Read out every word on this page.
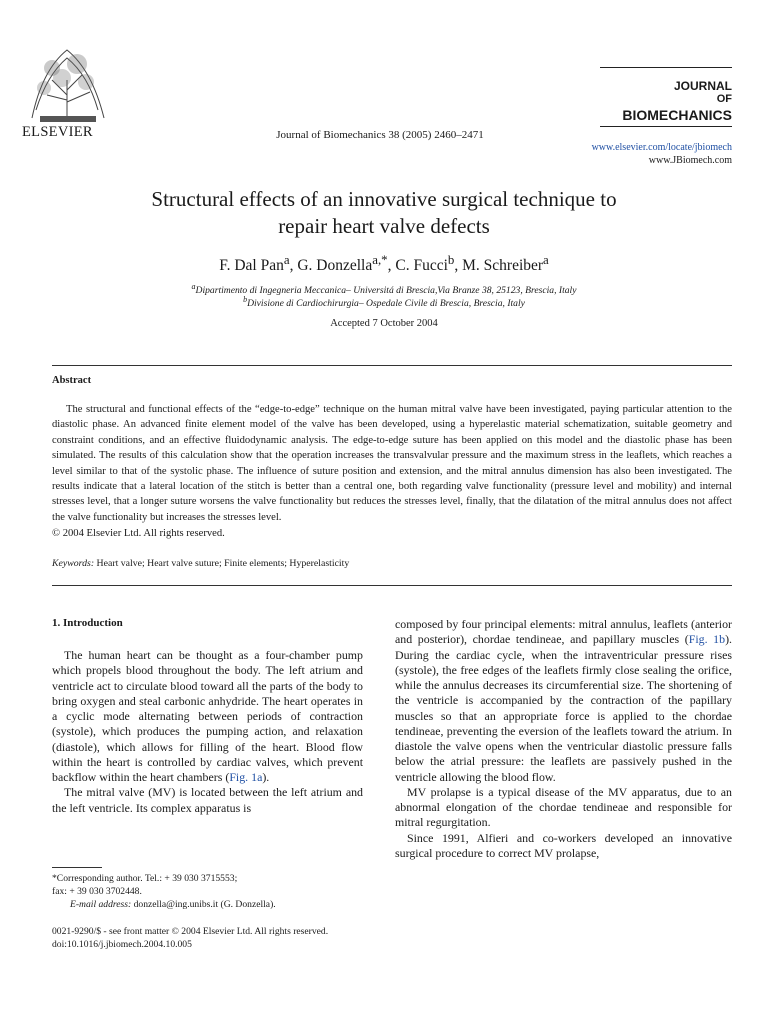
ELSEVIER	Journal of Biomechanics 38 (2005) 2460–2471
JOURNAL
OF
BIOMECHANICS
www.elsevier.com/locate/jbiomech
www.JBiomech.com
Structural effects of an innovative surgical technique to
repair heart valve defects
F. Dal Pan$^a$, G. Donzella$^{a,*}$, C. Fucci$^b$, M. Schreiber$^a$
$^a$Dipartimento di Ingegneria Meccanica– Universitá di Brescia,Via Branze 38, 25123, Brescia, Italy
$^b$Divisione di Cardiochirurgia– Ospedale Civile di Brescia, Brescia, Italy
Accepted 7 October 2004
Abstract
The structural and functional effects of the “edge-to-edge” technique on the human mitral valve have been investigated, paying particular attention to the diastolic phase. An advanced finite element model of the valve has been developed, using a hyperelastic material schematization, suitable geometry and constraint conditions, and an effective fluidodynamic analysis. The edge-to-edge suture has been applied on this model and the diastolic phase has been simulated. The results of this calculation show that the operation increases the transvalvular pressure and the maximum stress in the leaflets, which reaches a level similar to that of the systolic phase. The influence of suture position and extension, and the mitral annulus dimension has also been investigated. The results indicate that a lateral location of the stitch is better than a central one, both regarding valve functionality (pressure level and mobility) and internal stresses level, that a longer suture worsens the valve functionality but reduces the stresses level, finally, that the dilatation of the mitral annulus does not affect the valve functionality but increases the stresses level.
© 2004 Elsevier Ltd. All rights reserved.
Keywords: Heart valve; Heart valve suture; Finite elements; Hyperelasticity
1. Introduction

The human heart can be thought as a four-chamber pump which propels blood throughout the body. The left atrium and ventricle act to circulate blood toward all the parts of the body to bring oxygen and steal carbonic anhydride. The heart operates in a cyclic mode alternating between periods of contraction (systole), which produces the pumping action, and relaxation (diastole), which allows for filling of the heart. Blood flow within the heart is controlled by cardiac valves, which prevent backflow within the heart chambers (Fig. 1a).

The mitral valve (MV) is located between the left atrium and the left ventricle. Its complex apparatus is

*Corresponding author. Tel.: + 39 030 3715553;
fax: + 39 030 3702448.
E-mail address: donzella@ing.unibs.it (G. Donzella).
0021-9290/$ - see front matter © 2004 Elsevier Ltd. All rights reserved.
doi:10.1016/j.jbiomech.2004.10.005

composed by four principal elements: mitral annulus, leaflets (anterior and posterior), chordae tendineae, and papillary muscles (Fig. 1b). During the cardiac cycle, when the intraventricular pressure rises (systole), the free edges of the leaflets firmly close sealing the orifice, while the annulus decreases its circumferential size. The shortening of the ventricle is accompanied by the contraction of the papillary muscles so that an appropriate force is applied to the chordae tendineae, preventing the eversion of the leaflets toward the atrium. In diastole the valve opens when the ventricular diastolic pressure falls below the atrial pressure: the leaflets are passively pushed in the ventricle allowing the blood flow.

MV prolapse is a typical disease of the MV apparatus, due to an abnormal elongation of the chordae tendineae and responsible for mitral regurgitation.

Since 1991, Alfieri and co-workers developed an innovative surgical procedure to correct MV prolapse,
